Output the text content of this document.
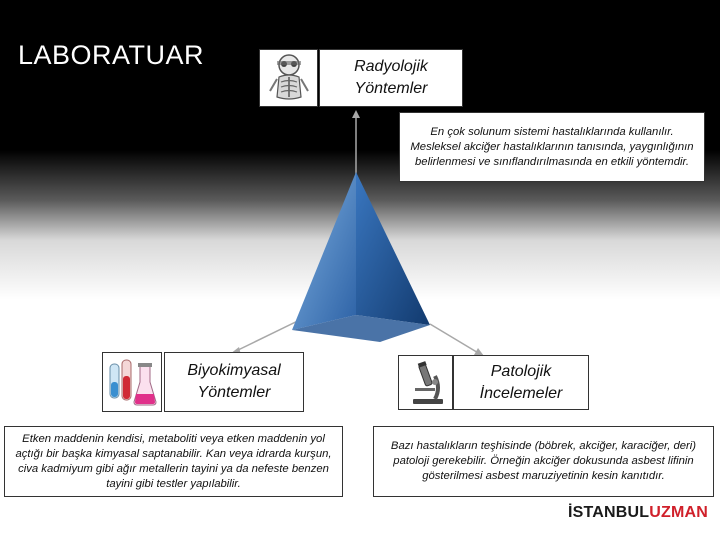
LABORATUAR	Radyolojik Yöntemler
En çok solunum sistemi hastalıklarında kullanılır. Mesleksel akciğer hastalıklarının tanısında, yaygınlığının belirlenmesi ve sınıflandırılmasında en etkili yöntemdir.
Biyokimyasal Yöntemler
Etken maddenin kendisi, metaboliti veya etken maddenin yol açtığı bir başka kimyasal saptanabilir. Kan veya idrarda kurşun, civa kadmiyum gibi ağır metallerin tayini ya da nefeste benzen tayini gibi testler yapılabilir.
Patolojik İncelemeler
Bazı hastalıkların teşhisinde (böbrek, akciğer, karaciğer, deri) patoloji gerekebilir. Örneğin akciğer dokusunda asbest lifinin gösterilmesi asbest maruziyetinin kesin kanıtıdır.
İSTANBULUZMAN
